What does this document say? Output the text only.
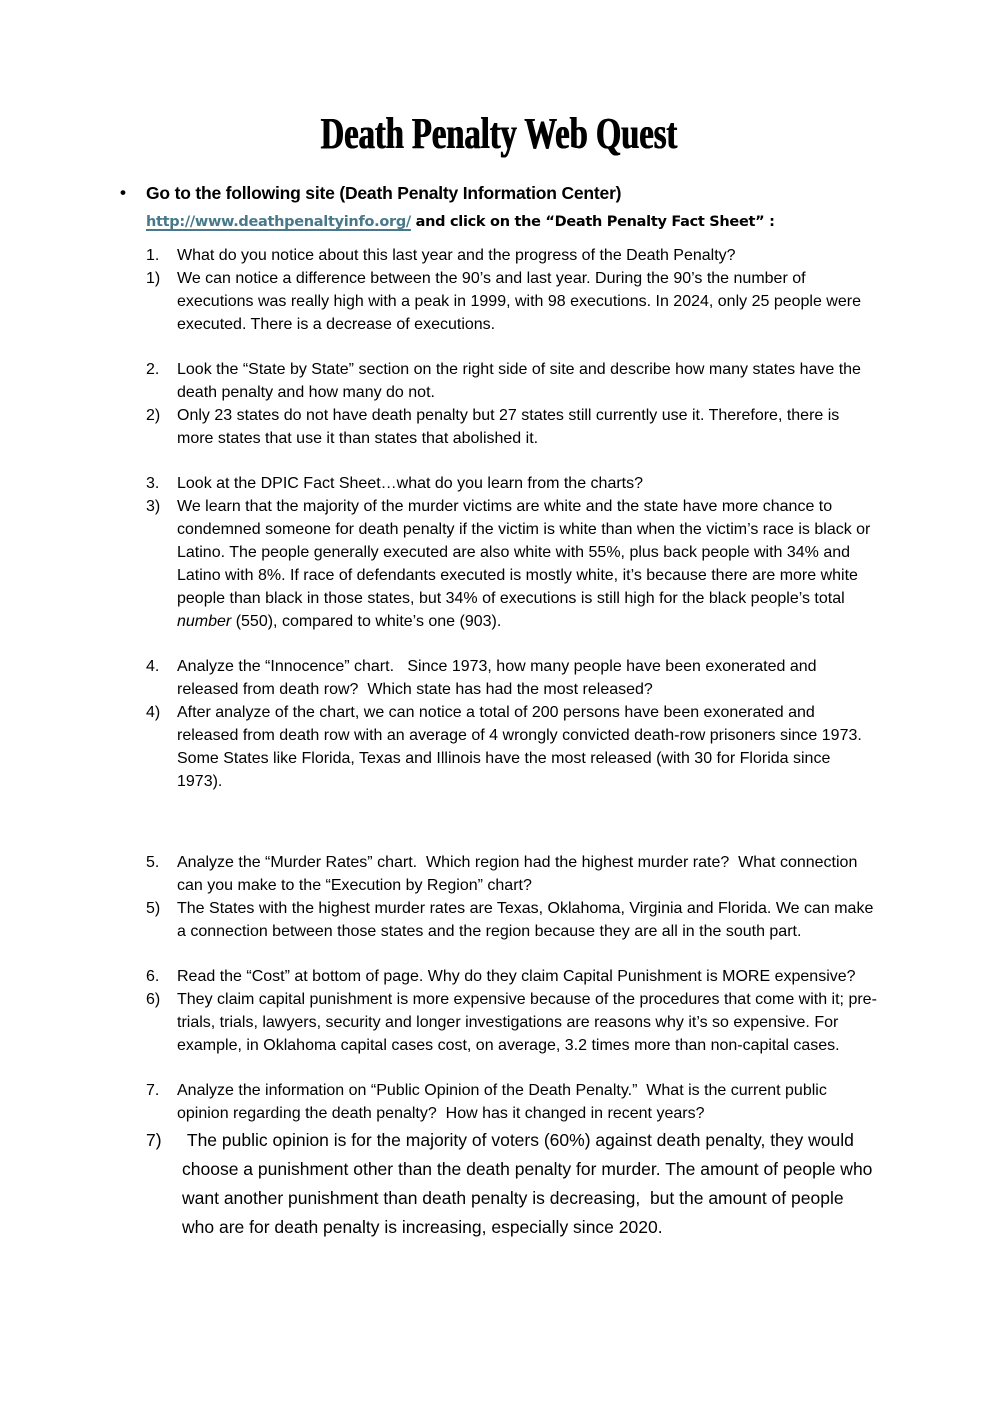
Death Penalty Web Quest
•	Go to the following site (Death Penalty Information Center)
http://www.deathpenaltyinfo.org/ and click on the “Death Penalty Fact Sheet” :
1.	What do you notice about this last year and the progress of the Death Penalty?
1)	We can notice a difference between the 90’s and last year. During the 90’s the number of executions was really high with a peak in 1999, with 98 executions. In 2024, only 25 people were executed. There is a decrease of executions.
2.	Look the “State by State” section on the right side of site and describe how many states have the death penalty and how many do not.
2)	Only 23 states do not have death penalty but 27 states still currently use it. Therefore, there is more states that use it than states that abolished it.
3.	Look at the DPIC Fact Sheet…what do you learn from the charts?
3)	We learn that the majority of the murder victims are white and the state have more chance to condemned someone for death penalty if the victim is white than when the victim’s race is black or Latino. The people generally executed are also white with 55%, plus back people with 34% and Latino with 8%. If race of defendants executed is mostly white, it’s because there are more white people than black in those states, but 34% of executions is still high for the black people’s total number (550), compared to white’s one (903).
4.	Analyze the “Innocence” chart.   Since 1973, how many people have been exonerated and released from death row?  Which state has had the most released?
4)	After analyze of the chart, we can notice a total of 200 persons have been exonerated and released from death row with an average of 4 wrongly convicted death-row prisoners since 1973. Some States like Florida, Texas and Illinois have the most released (with 30 for Florida since 1973).
5.	Analyze the “Murder Rates” chart.  Which region had the highest murder rate?  What connection can you make to the “Execution by Region” chart?
5)	The States with the highest murder rates are Texas, Oklahoma, Virginia and Florida. We can make a connection between those states and the region because they are all in the south part.
6.	Read the “Cost” at bottom of page. Why do they claim Capital Punishment is MORE expensive?
6)	They claim capital punishment is more expensive because of the procedures that come with it; pre-trials, trials, lawyers, security and longer investigations are reasons why it’s so expensive. For example, in Oklahoma capital cases cost, on average, 3.2 times more than non-capital cases.
7.	Analyze the information on “Public Opinion of the Death Penalty.”  What is the current public opinion regarding the death penalty?  How has it changed in recent years?
7)	The public opinion is for the majority of voters (60%) against death penalty, they would choose a punishment other than the death penalty for murder. The amount of people who want another punishment than death penalty is decreasing,  but the amount of people who are for death penalty is increasing, especially since 2020.
